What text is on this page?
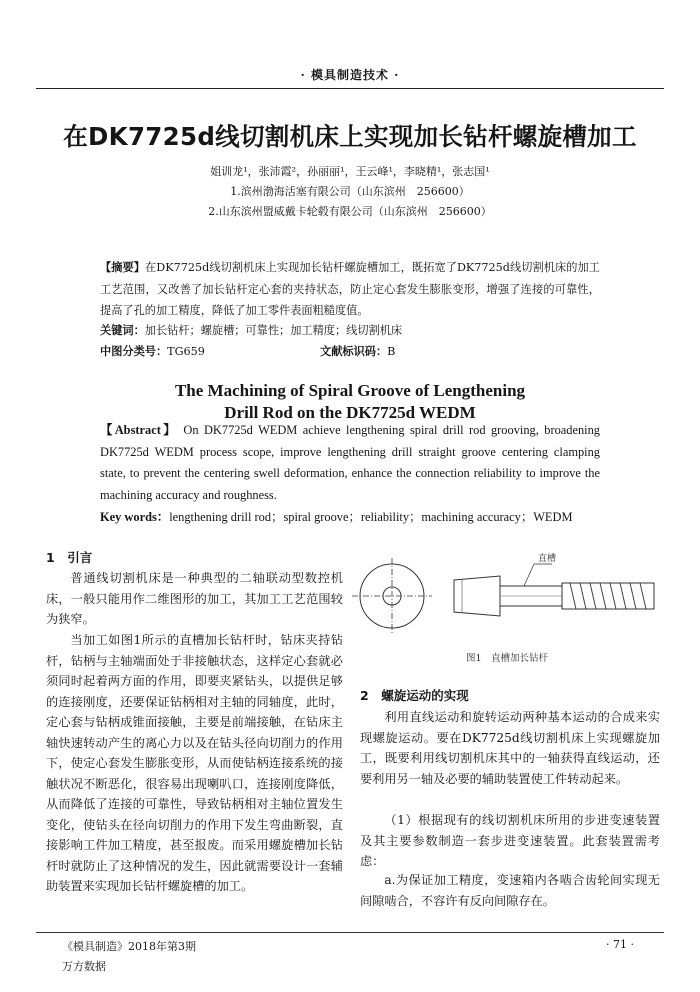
· 模具制造技术 ·
在DK7725d线切割机床上实现加长钻杆螺旋槽加工
姐训龙¹，张沛霞²，孙丽丽¹，王云峰¹，李晓精¹，张志国¹
1.滨州渤海活塞有限公司（山东滨州　256600）
2.山东滨州盟威戴卡轮毂有限公司（山东滨州　256600）
【摘要】在DK7725d线切割机床上实现加长钻杆螺旋槽加工，既拓宽了DK7725d线切割机床的加工工艺范围，又改善了加长钻杆定心套的夹持状态，防止定心套发生膨胀变形，增强了连接的可靠性，提高了孔的加工精度，降低了加工零件表面粗糙度值。
关键词：加长钻杆；螺旋槽；可靠性；加工精度；线切割机床
中图分类号：TG659	文献标识码：B
The Machining of Spiral Groove of Lengthening
Drill Rod on the DK7725d WEDM
【Abstract】 On DK7725d WEDM achieve lengthening spiral drill rod grooving, broadening DK7725d WEDM process scope, improve lengthening drill straight groove centering clamping state, to prevent the centering swell deformation, enhance the connection reliability to improve the machining accuracy and roughness.
Key words：lengthening drill rod；spiral groove；reliability；machining accuracy；WEDM
1　引言
普通线切割机床是一种典型的二轴联动型数控机床，一般只能用作二维图形的加工，其加工工艺范围较为狭窄。
当加工如图1所示的直槽加长钻杆时，钻床夹持钻杆，钻柄与主轴端面处于非接触状态，这样定心套就必须同时起着两方面的作用，即要夹紧钻头，以提供足够的连接刚度，还要保证钻柄相对主轴的同轴度，此时，定心套与钻柄成锥面接触，主要是前端接触，在钻床主轴快速转动产生的离心力以及在钻头径向切削力的作用下，使定心套发生膨胀变形，从而使钻柄连接系统的接触状况不断恶化，很容易出现喇叭口，连接刚度降低，从而降低了连接的可靠性，导致钻柄相对主轴位置发生变化，使钻头在径向切削力的作用下发生弯曲断裂，直接影响工件加工精度，甚至报废。而采用螺旋槽加长钻杆时就防止了这种情况的发生，因此就需要设计一套辅助装置来实现加长钻杆螺旋槽的加工。
直槽
图1　直槽加长钻杆
2　螺旋运动的实现
利用直线运动和旋转运动两种基本运动的合成来实现螺旋运动。要在DK7725d线切割机床上实现螺旋加工，既要利用线切割机床其中的一轴获得直线运动，还要利用另一轴及必要的辅助装置使工件转动起来。
（1）根据现有的线切割机床所用的步进变速装置及其主要参数制造一套步进变速装置。此套装置需考虑：
a.为保证加工精度，变速箱内各啮合齿轮间实现无间隙啮合，不容许有反向间隙存在。
《模具制造》2018年第3期
万方数据
· 71 ·
